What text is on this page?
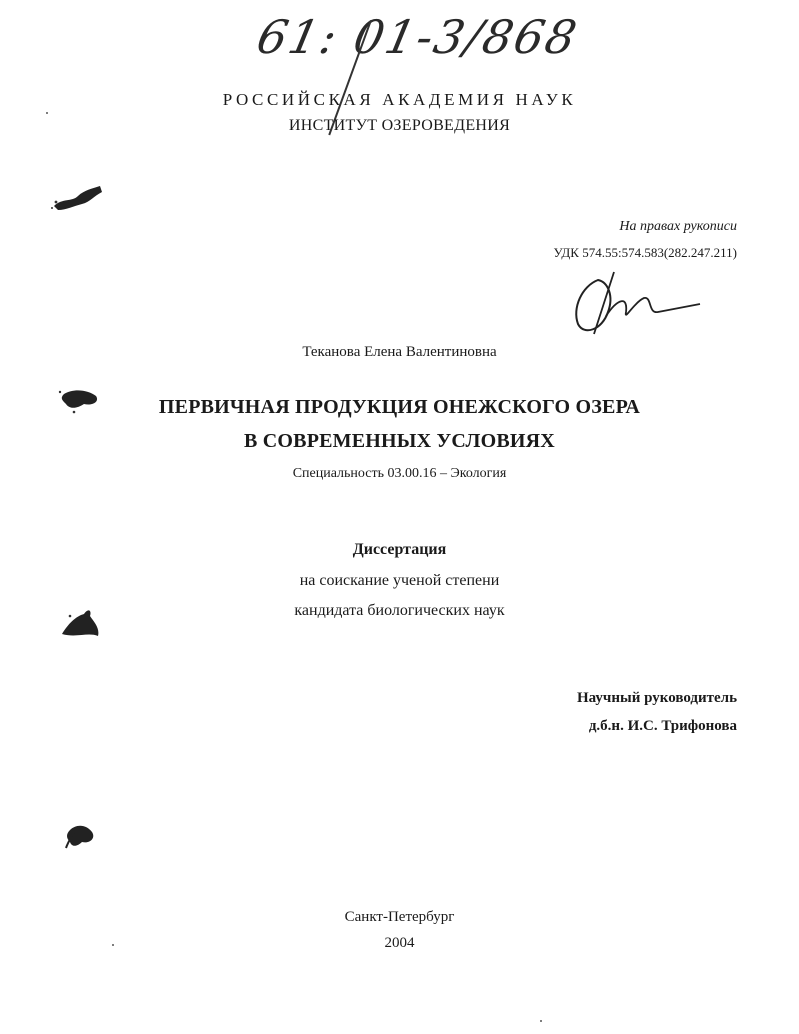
61: 01-3/868
РОССИЙСКАЯ АКАДЕМИЯ НАУК
ИНСТИТУТ ОЗЕРОВЕДЕНИЯ
На правах рукописи
УДК 574.55:574.583(282.247.211)
Теканова Елена Валентиновна
ПЕРВИЧНАЯ ПРОДУКЦИЯ ОНЕЖСКОГО ОЗЕРА
В СОВРЕМЕННЫХ УСЛОВИЯХ
Специальность 03.00.16 – Экология
Диссертация
на соискание ученой степени
кандидата биологических наук
Научный руководитель
д.б.н. И.С. Трифонова
Санкт-Петербург
2004
